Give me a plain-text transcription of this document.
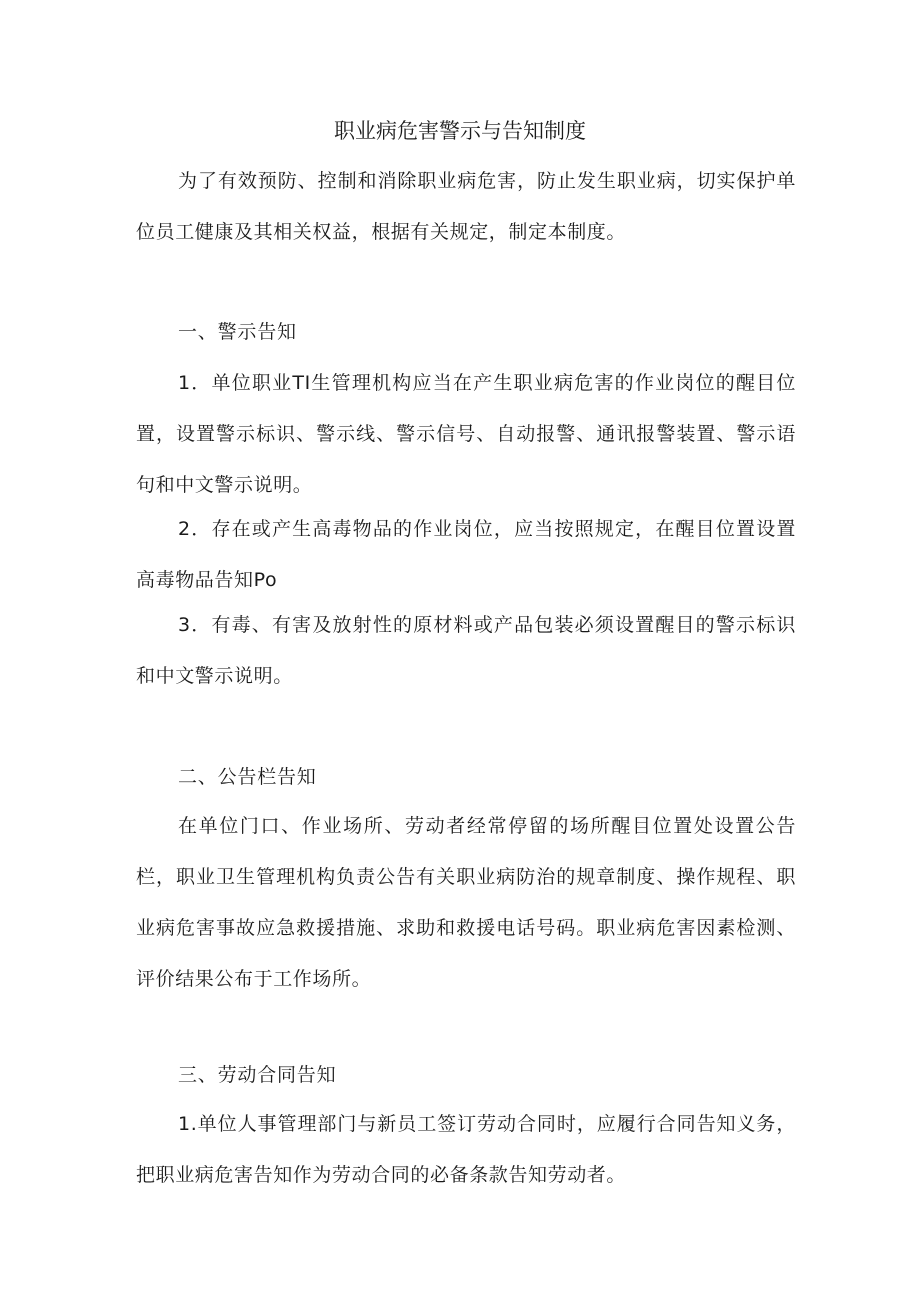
职业病危害警示与告知制度
为了有效预防、控制和消除职业病危害，防止发生职业病，切实保护单位员工健康及其相关权益，根据有关规定，制定本制度。
一、警示告知
1．单位职业TI生管理机构应当在产生职业病危害的作业岗位的醒目位置，设置警示标识、警示线、警示信号、自动报警、通讯报警装置、警示语句和中文警示说明。
2．存在或产生高毒物品的作业岗位，应当按照规定，在醒目位置设置高毒物品告知Po
3．有毒、有害及放射性的原材料或产品包装必须设置醒目的警示标识和中文警示说明。
二、公告栏告知
在单位门口、作业场所、劳动者经常停留的场所醒目位置处设置公告栏，职业卫生管理机构负责公告有关职业病防治的规章制度、操作规程、职业病危害事故应急救援措施、求助和救援电话号码。职业病危害因素检测、评价结果公布于工作场所。
三、劳动合同告知
1.单位人事管理部门与新员工签订劳动合同时，应履行合同告知义务，把职业病危害告知作为劳动合同的必备条款告知劳动者。
